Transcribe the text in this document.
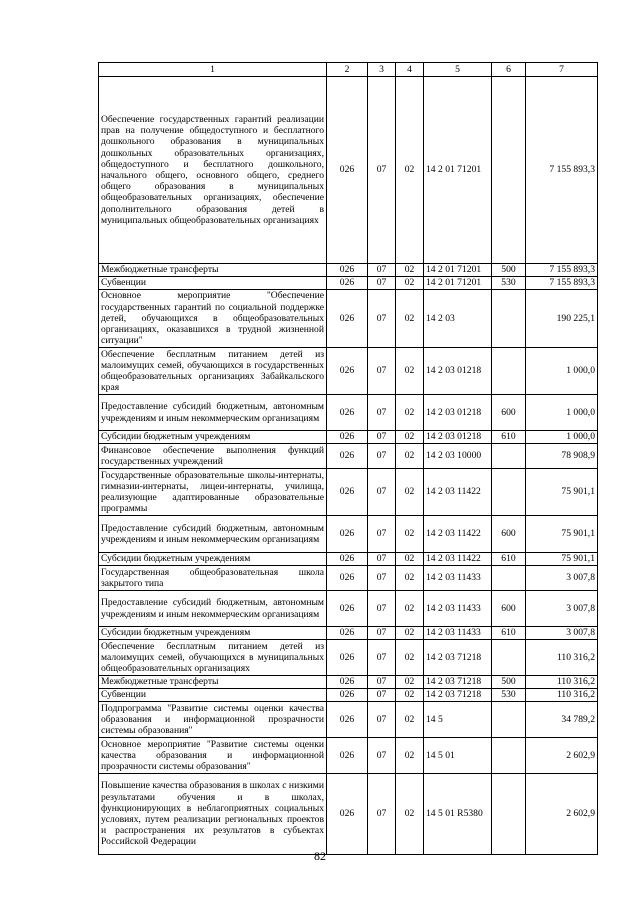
1	2	3	4	5	6	7
Обеспечение государственных гарантий реализации прав на получение общедоступного и бесплатного дошкольного образования в муниципальных дошкольных образовательных организациях, общедоступного и бесплатного дошкольного, начального общего, основного общего, среднего общего образования в муниципальных общеобразовательных организациях, обеспечение дополнительного образования детей в муниципальных общеобразовательных организациях	026	07	02	14 2 01 71201		7 155 893,3
Межбюджетные трансферты	026	07	02	14 2 01 71201	500	7 155 893,3
Субвенции	026	07	02	14 2 01 71201	530	7 155 893,3
Основное мероприятие "Обеспечение государственных гарантий по социальной поддержке детей, обучающихся в общеобразовательных организациях, оказавшихся в трудной жизненной ситуации"	026	07	02	14 2 03		190 225,1
Обеспечение бесплатным питанием детей из малоимущих семей, обучающихся в государственных общеобразовательных организациях Забайкальского края	026	07	02	14 2 03 01218		1 000,0
Предоставление субсидий бюджетным, автономным учреждениям и иным некоммерческим организациям	026	07	02	14 2 03 01218	600	1 000,0
Субсидии бюджетным учреждениям	026	07	02	14 2 03 01218	610	1 000,0
Финансовое обеспечение выполнения функций государственных учреждений	026	07	02	14 2 03 10000		78 908,9
Государственные образовательные школы-интернаты, гимназии-интернаты, лицеи-интернаты, училища, реализующие адаптированные образовательные программы	026	07	02	14 2 03 11422		75 901,1
Предоставление субсидий бюджетным, автономным учреждениям и иным некоммерческим организациям	026	07	02	14 2 03 11422	600	75 901,1
Субсидии бюджетным учреждениям	026	07	02	14 2 03 11422	610	75 901,1
Государственная общеобразовательная школа закрытого типа	026	07	02	14 2 03 11433		3 007,8
Предоставление субсидий бюджетным, автономным учреждениям и иным некоммерческим организациям	026	07	02	14 2 03 11433	600	3 007,8
Субсидии бюджетным учреждениям	026	07	02	14 2 03 11433	610	3 007,8
Обеспечение бесплатным питанием детей из малоимущих семей, обучающихся в муниципальных общеобразовательных организациях	026	07	02	14 2 03 71218		110 316,2
Межбюджетные трансферты	026	07	02	14 2 03 71218	500	110 316,2
Субвенции	026	07	02	14 2 03 71218	530	110 316,2
Подпрограмма "Развитие системы оценки качества образования и информационной прозрачности системы образования"	026	07	02	14 5		34 789,2
Основное мероприятие "Развитие системы оценки качества образования и информационной прозрачности системы образования"	026	07	02	14 5 01		2 602,9
Повышение качества образования в школах с низкими результатами обучения и в школах, функционирующих в неблагоприятных социальных условиях, путем реализации региональных проектов и распространения их результатов в субъектах Российской Федерации	026	07	02	14 5 01 R5380		2 602,9
82
